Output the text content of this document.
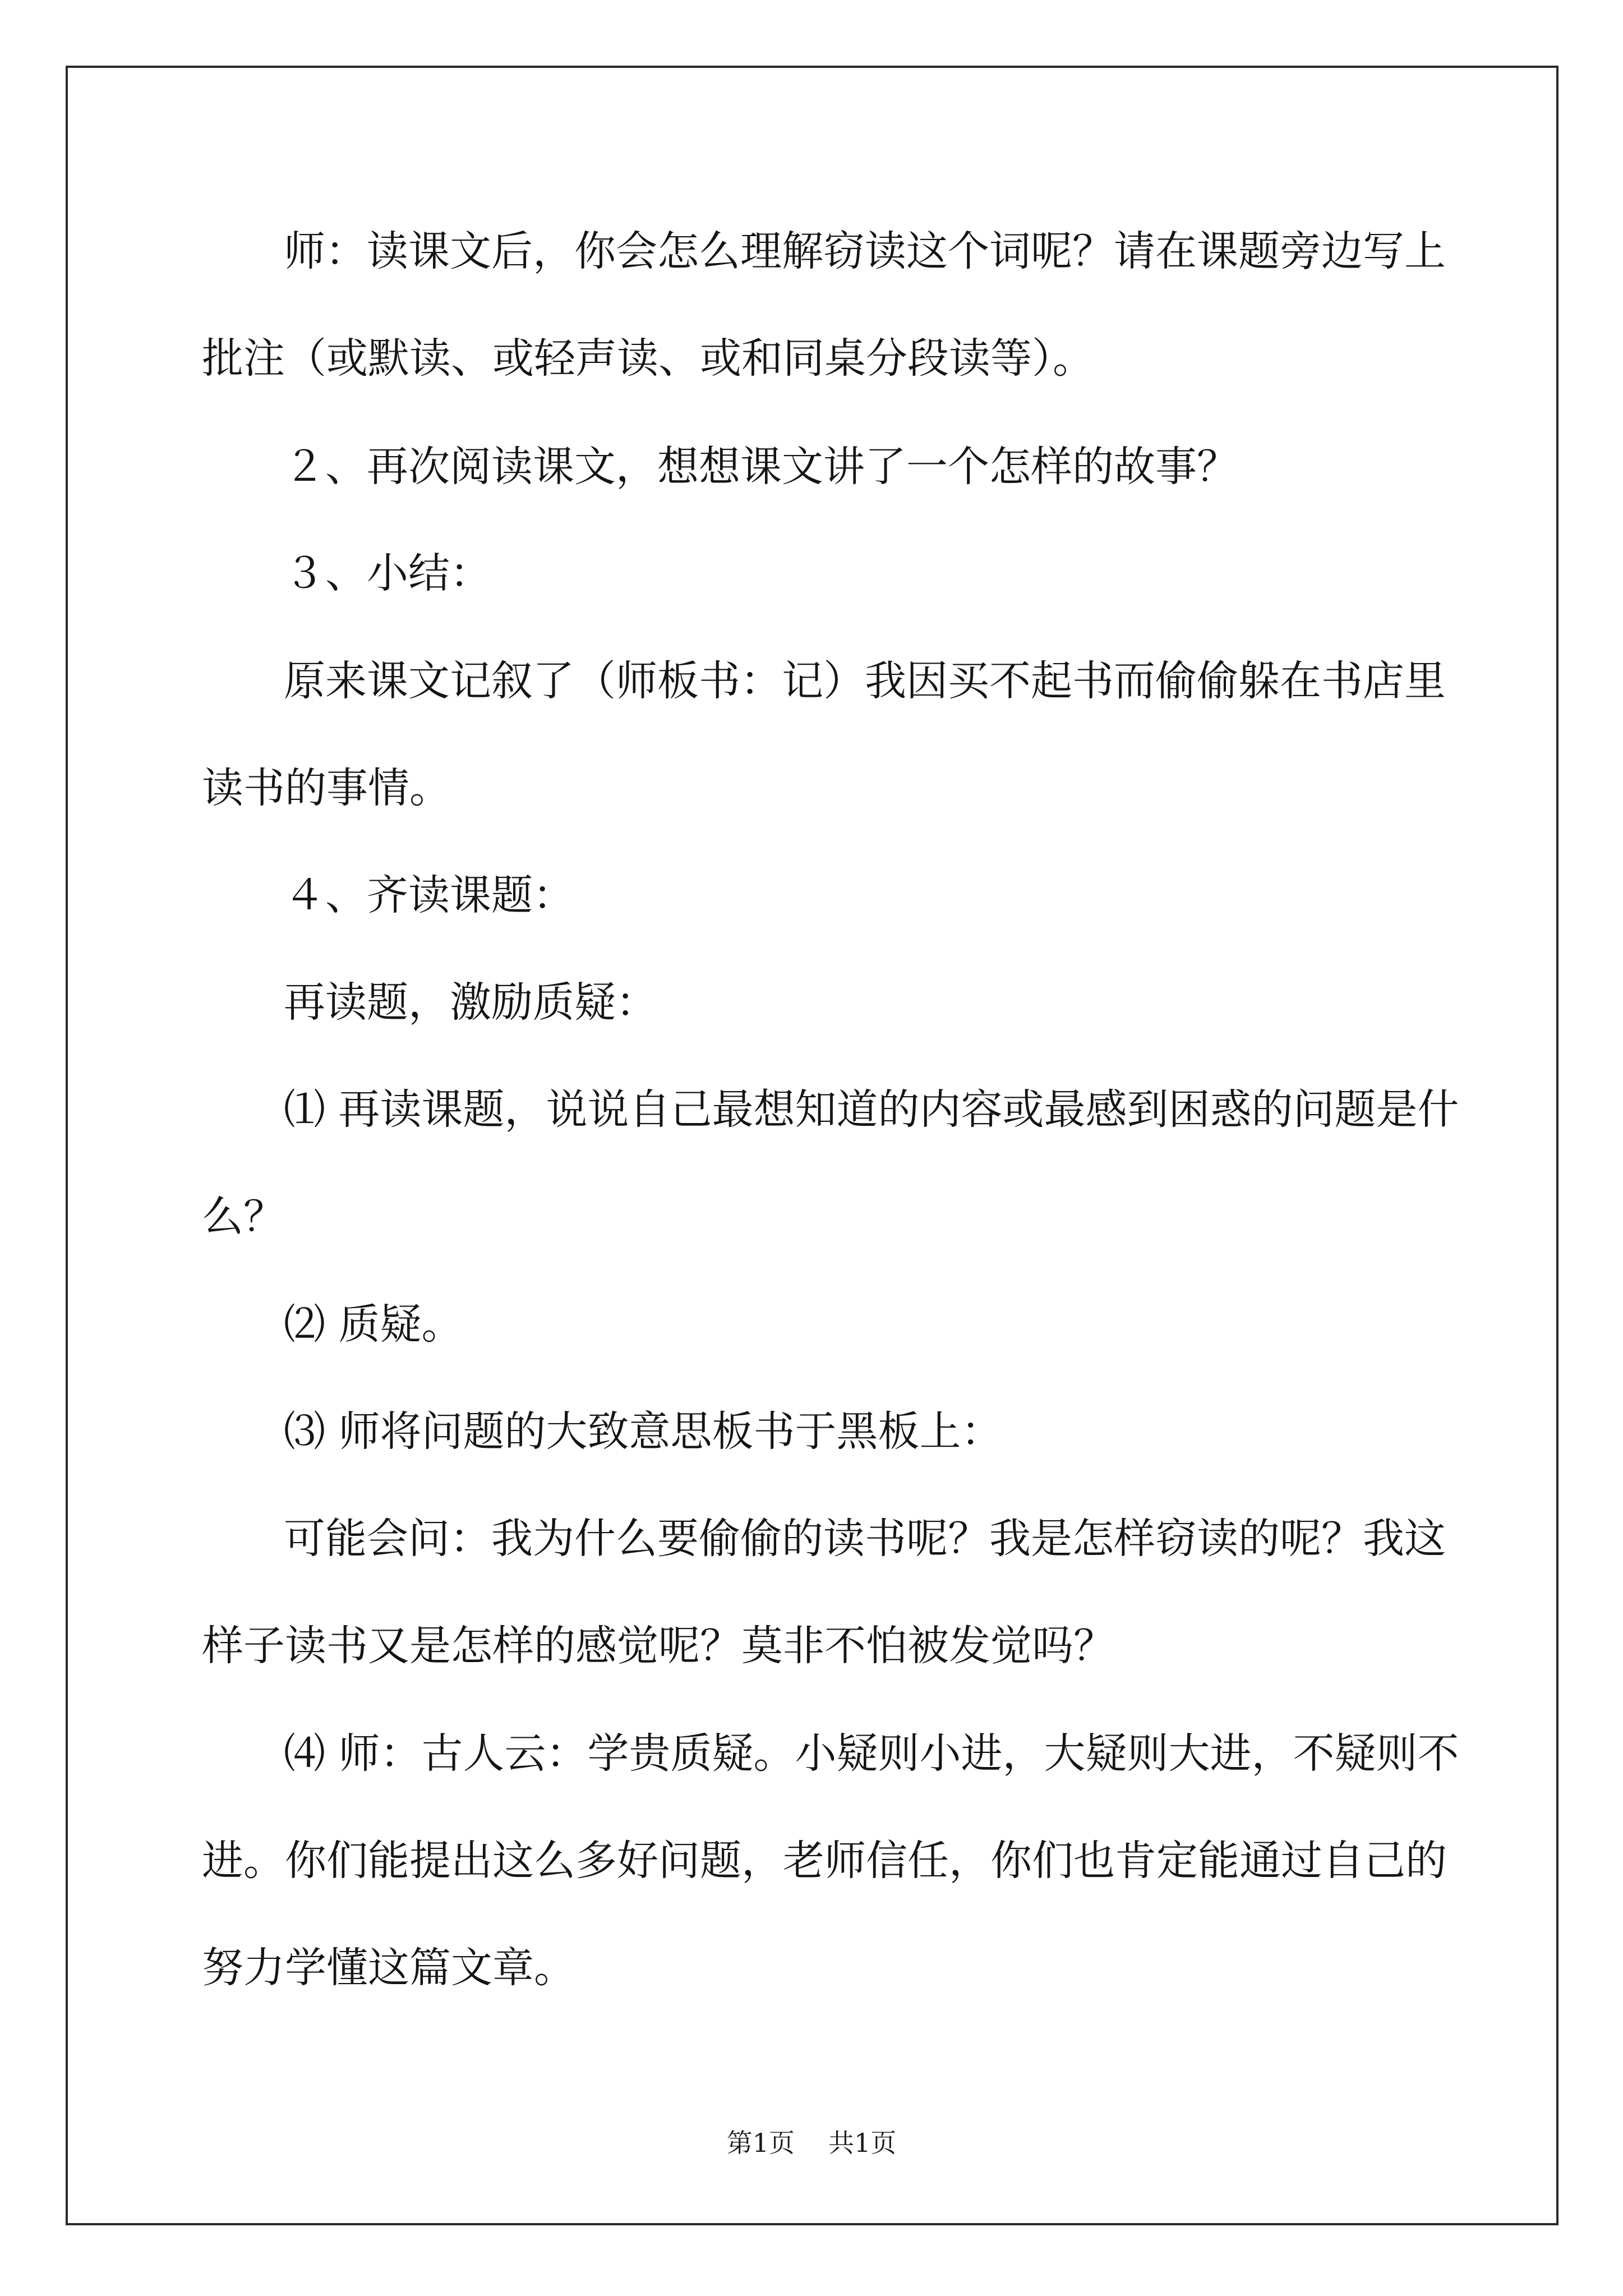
师：读课文后，你会怎么理解窃读这个词呢？请在课题旁边写上
批注（或默读、或轻声读、或和同桌分段读等）。
２、再次阅读课文，想想课文讲了一个怎样的故事？
３、小结：
原来课文记叙了（师板书：记）我因买不起书而偷偷躲在书店里
读书的事情。
４、齐读课题：
再读题，激励质疑：
⑴ 再读课题，说说自己最想知道的内容或最感到困惑的问题是什
么？
⑵ 质疑。
⑶ 师将问题的大致意思板书于黑板上：
可能会问：我为什么要偷偷的读书呢？我是怎样窃读的呢？我这
样子读书又是怎样的感觉呢？莫非不怕被发觉吗？
⑷ 师：古人云：学贵质疑。小疑则小进，大疑则大进，不疑则不
进。你们能提出这么多好问题，老师信任，你们也肯定能通过自己的
努力学懂这篇文章。
第1页 共1页
